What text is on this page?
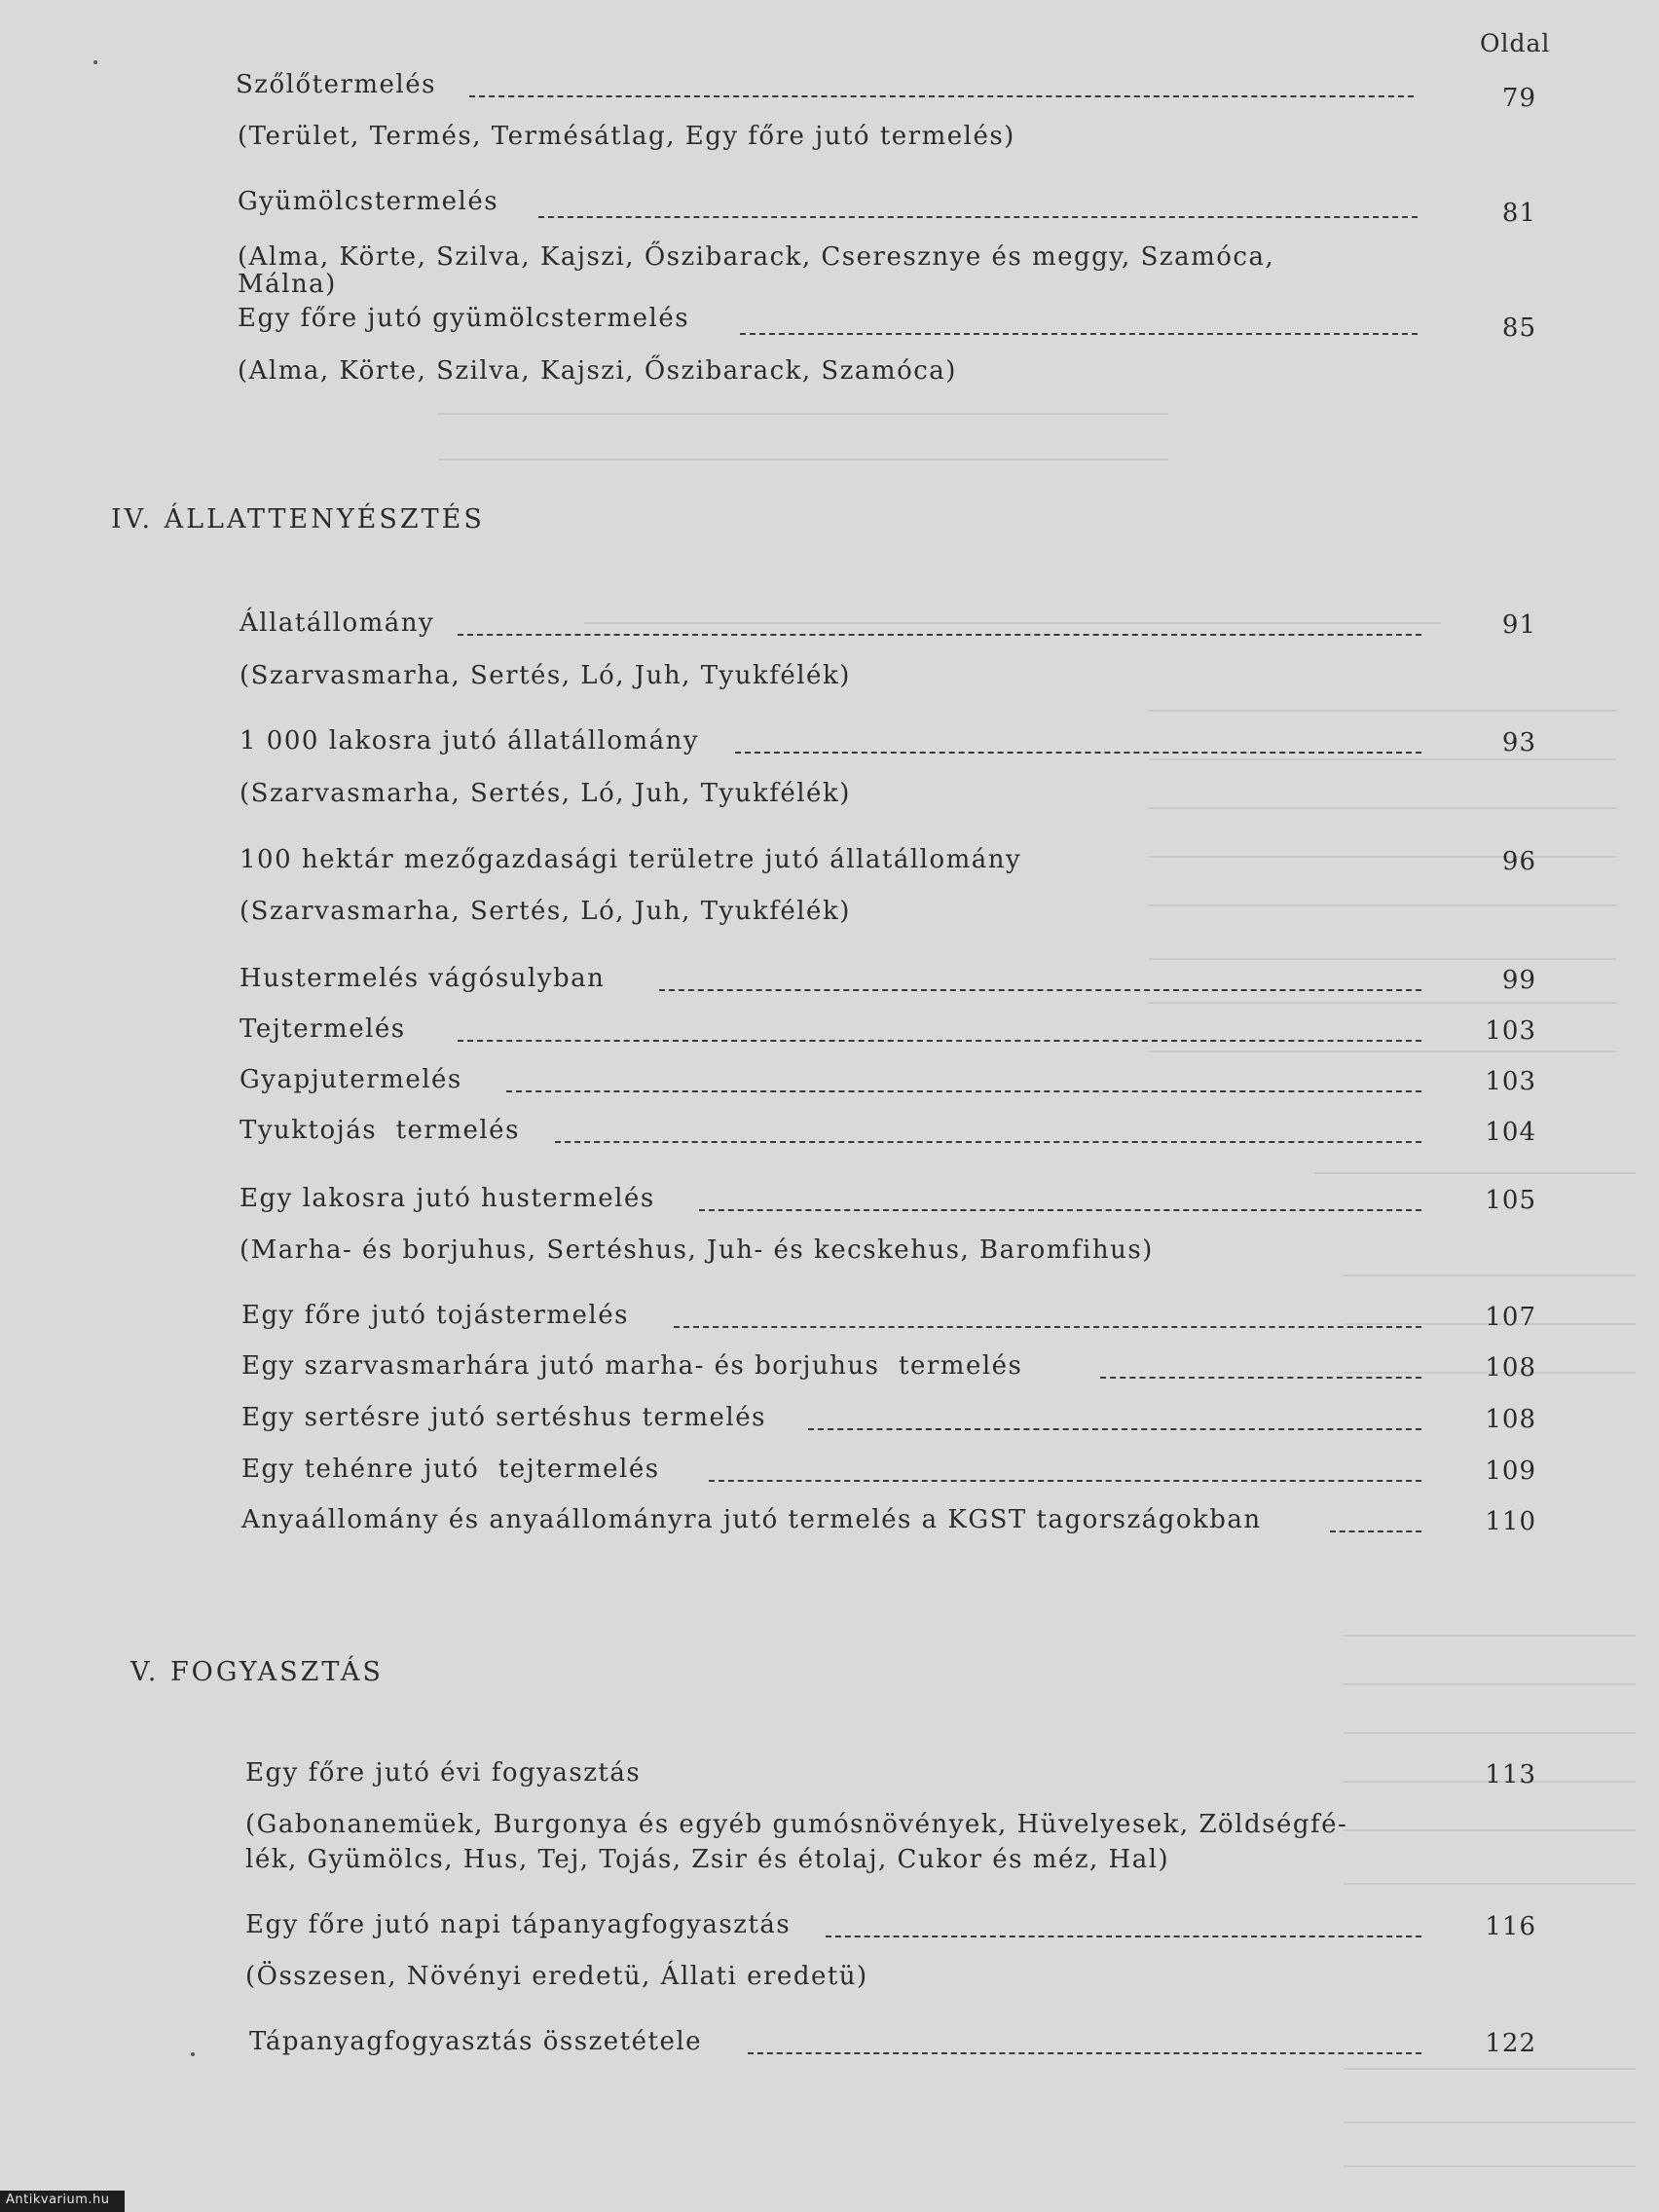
Oldal
Szőlőtermelés	79
(Terület, Termés, Termésátlag, Egy főre jutó termelés)
Gyümölcstermelés	81
(Alma, Körte, Szilva, Kajszi, Őszibarack, Cseresznye és meggy, Szamóca,
Málna)
Egy főre jutó gyümölcstermelés	85
(Alma, Körte, Szilva, Kajszi, Őszibarack, Szamóca)
IV. ÁLLATTENYÉSZTÉS
Állatállomány	91
(Szarvasmarha, Sertés, Ló, Juh, Tyukfélék)
1 000 lakosra jutó állatállomány	93
(Szarvasmarha, Sertés, Ló, Juh, Tyukfélék)
100 hektár mezőgazdasági területre jutó állatállomány	96
(Szarvasmarha, Sertés, Ló, Juh, Tyukfélék)
Hustermelés vágósulyban	99
Tejtermelés	103
Gyapjutermelés	103
Tyuktojás  termelés	104
Egy lakosra jutó hustermelés	105
(Marha- és borjuhus, Sertéshus, Juh- és kecskehus, Baromfihus)
Egy főre jutó tojástermelés	107
Egy szarvasmarhára jutó marha- és borjuhus  termelés	108
Egy sertésre jutó sertéshus termelés	108
Egy tehénre jutó  tejtermelés	109
Anyaállomány és anyaállományra jutó termelés a KGST tagországokban	110
V. FOGYASZTÁS
Egy főre jutó évi fogyasztás	113
(Gabonanemüek, Burgonya és egyéb gumósnövények, Hüvelyesek, Zöldségfé-
lék, Gyümölcs, Hus, Tej, Tojás, Zsir és étolaj, Cukor és méz, Hal)
Egy főre jutó napi tápanyagfogyasztás	116
(Összesen, Növényi eredetü, Állati eredetü)
Tápanyagfogyasztás összetétele	122
Antikvarium.hu
